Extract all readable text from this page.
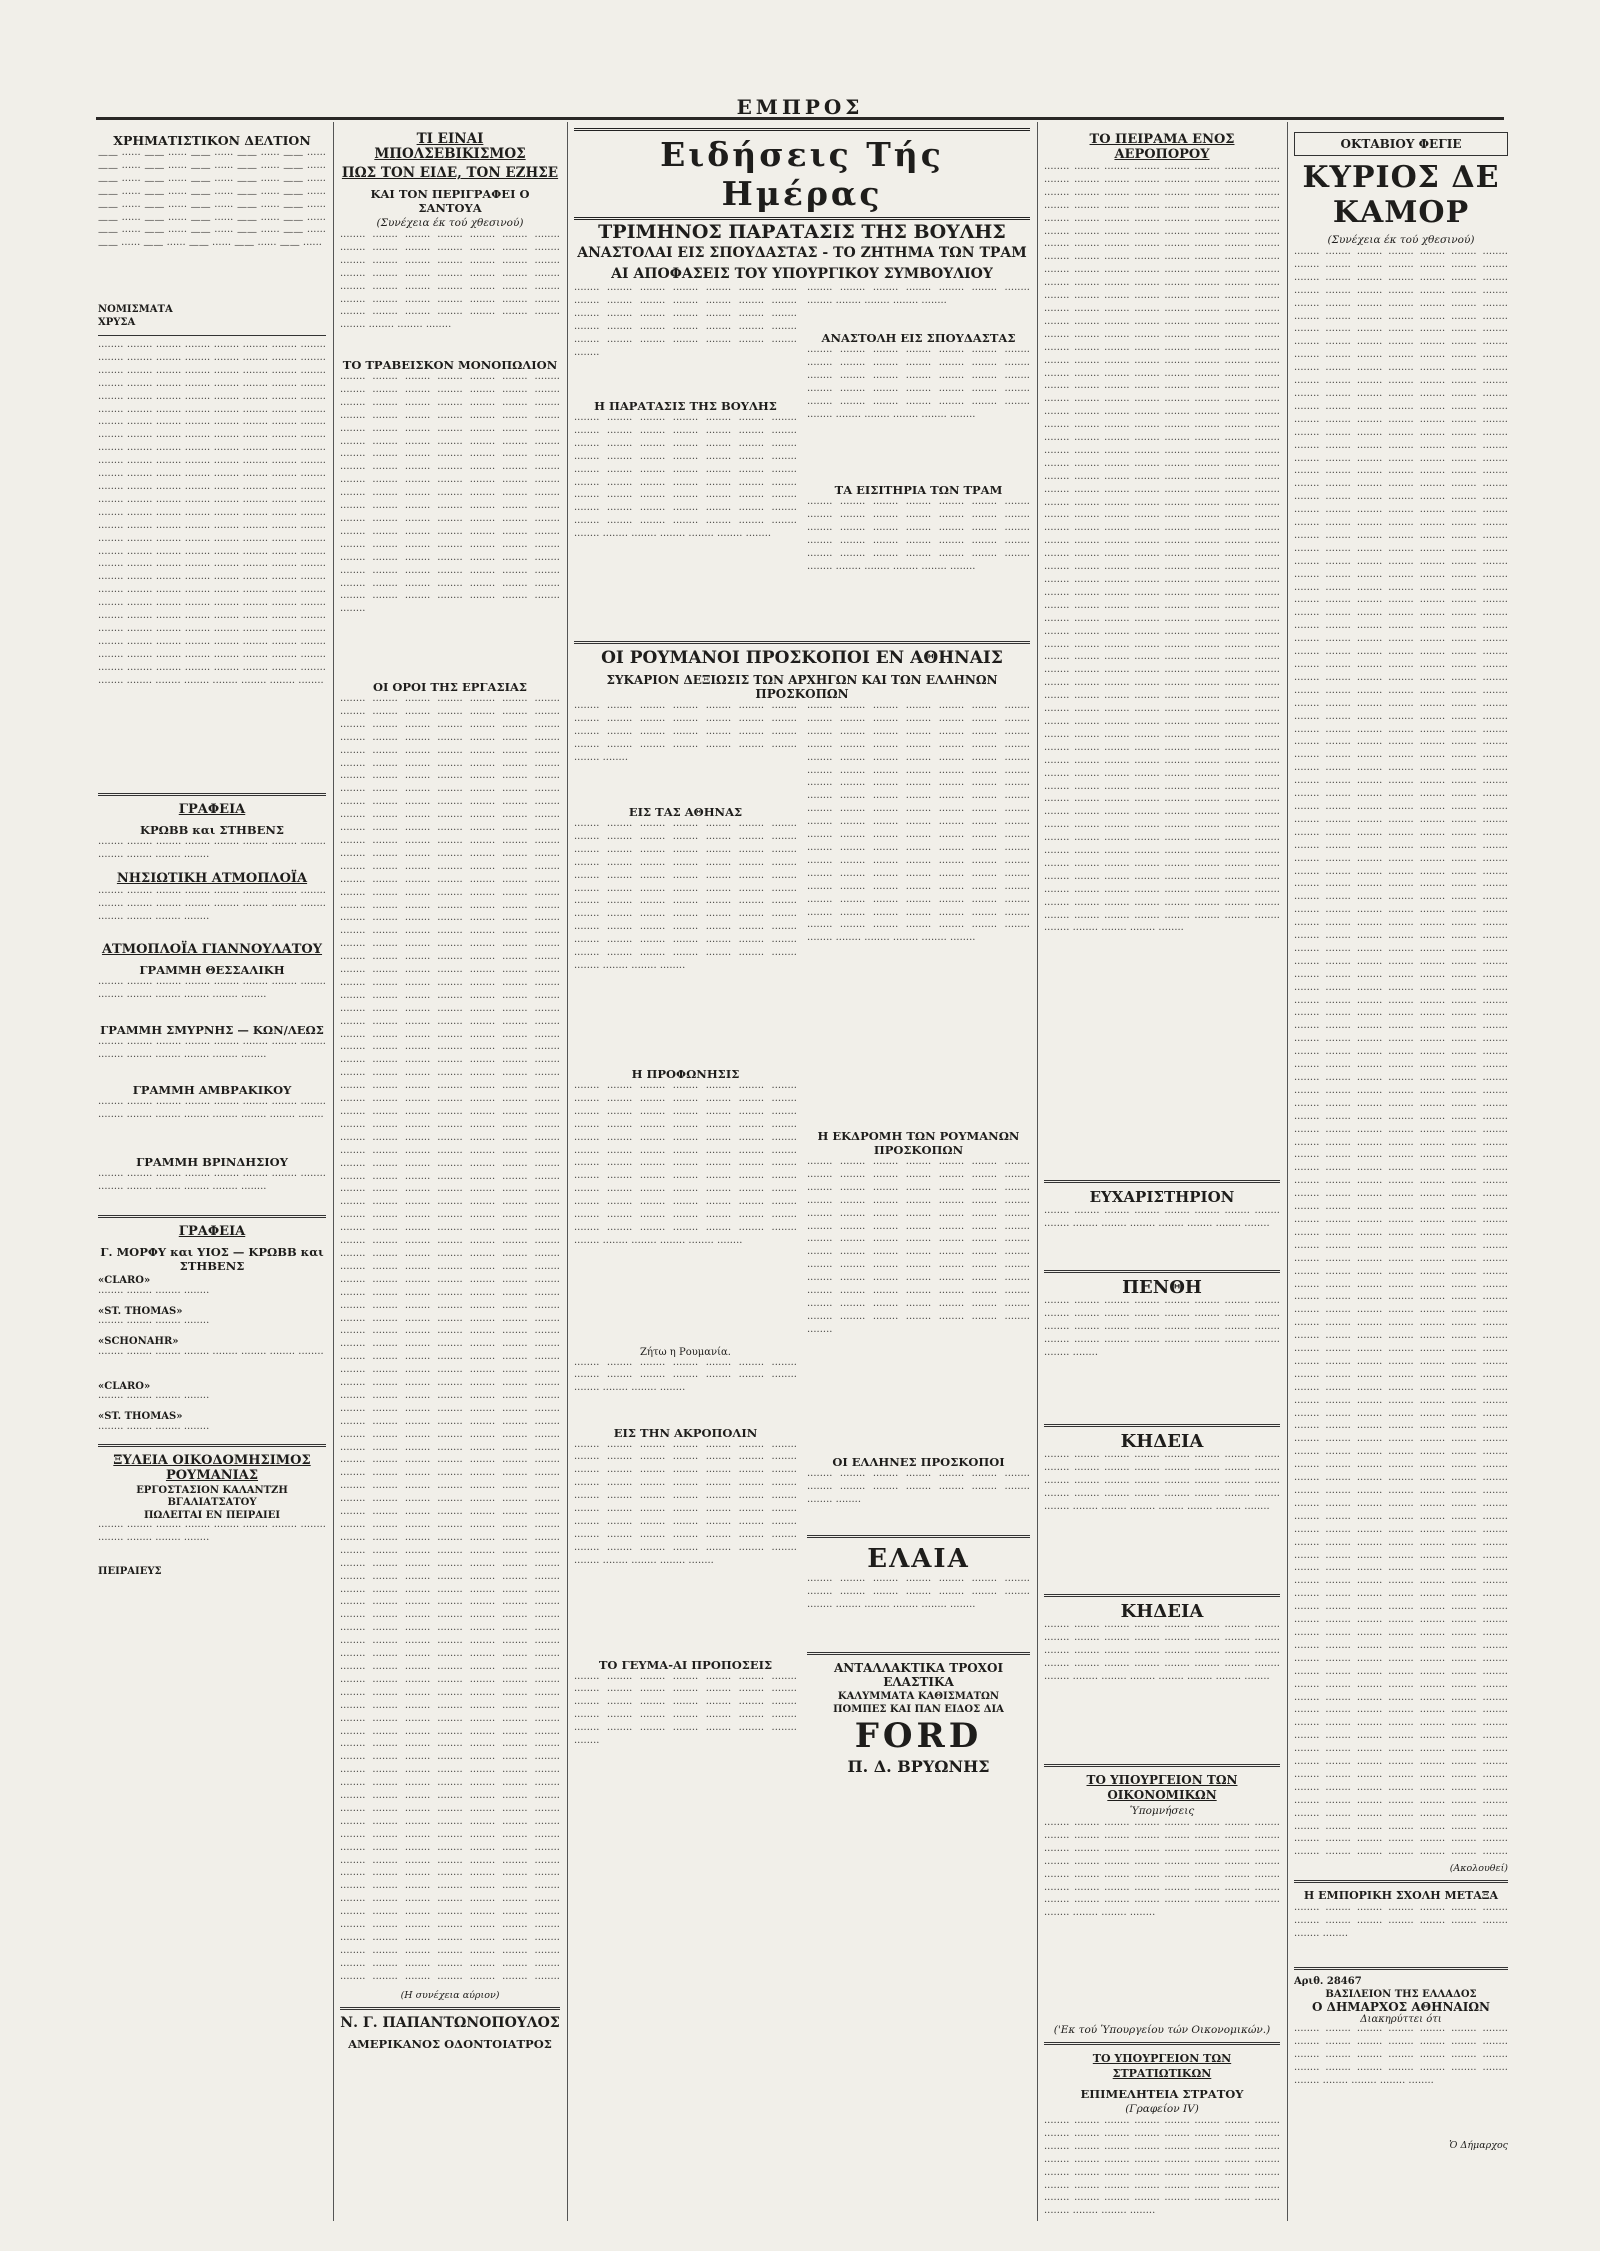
ΕΜΠΡΟΣ
ΧΡΗΜΑΤΙΣΤΙΚΟΝ ΔΕΛΤΙΟΝ

—— ······ —— ······ —— ······ —— ······ —— ······ —— ······ —— ······ —— ······ —— ······ —— ······ —— ······ —— ······ —— ······ —— ······ —— ······ —— ······ —— ······ —— ······ —— ······ —— ······ —— ······ —— ······ —— ······ —— ······ —— ······ —— ······ —— ······ —— ······ —— ······ —— ······ —— ······ —— ······ —— ······ —— ······ —— ······ —— ······ —— ······ —— ······ —— ······ —— ······

ΝΟΜΙΣΜΑΤΑ
ΧΡΥΣΑ

········ ········ ········ ········ ········ ········ ········ ········ ········ ········ ········ ········ ········ ········ ········ ········ ········ ········ ········ ········ ········ ········ ········ ········ ········ ········ ········ ········ ········ ········ ········ ········ ········ ········ ········ ········ ········ ········ ········ ········ ········ ········ ········ ········ ········ ········ ········ ········ ········ ········ ········ ········ ········ ········ ········ ········ ········ ········ ········ ········ ········ ········ ········ ········ ········ ········ ········ ········ ········ ········ ········ ········ ········ ········ ········ ········ ········ ········ ········ ········ ········ ········ ········ ········ ········ ········ ········ ········ ········ ········ ········ ········ ········ ········ ········ ········ ········ ········ ········ ········ ········ ········ ········ ········ ········ ········ ········ ········ ········ ········ ········ ········ ········ ········ ········ ········ ········ ········ ········ ········ ········ ········ ········ ········ ········ ········ ········ ········ ········ ········ ········ ········ ········ ········ ········ ········ ········ ········ ········ ········ ········ ········ ········ ········ ········ ········ ········ ········ ········ ········ ········ ········ ········ ········ ········ ········ ········ ········ ········ ········ ········ ········ ········ ········ ········ ········ ········ ········ ········ ········ ········ ········ ········ ········ ········ ········ ········ ········ ········ ········ ········ ········ ········ ········ ········ ········ ········ ········ ········ ········ ········ ········ ········ ········ ········ ········ ········ ········ ········ ········ ········ ········ ········ ········ ········ ········ ········ ········ ········ ········ ········ ········ ········ ········ ········ ········

ΓΡΑΦΕΙΑ
ΚΡΩΒΒ και ΣΤΗΒΕΝΣ

········ ········ ········ ········ ········ ········ ········ ········ ········ ········ ········ ········

ΝΗΣΙΩΤΙΚΗ ΑΤΜΟΠΛΟΪΑ

········ ········ ········ ········ ········ ········ ········ ········ ········ ········ ········ ········ ········ ········ ········ ········ ········ ········ ········ ········

ΑΤΜΟΠΛΟΪΑ ΓΙΑΝΝΟΥΛΑΤΟΥ
ΓΡΑΜΜΗ ΘΕΣΣΑΛΙΚΗ

········ ········ ········ ········ ········ ········ ········ ········ ········ ········ ········ ········ ········ ········

ΓΡΑΜΜΗ ΣΜΥΡΝΗΣ — ΚΩΝ/ΛΕΩΣ

········ ········ ········ ········ ········ ········ ········ ········ ········ ········ ········ ········ ········ ········

ΓΡΑΜΜΗ ΑΜΒΡΑΚΙΚΟΥ

········ ········ ········ ········ ········ ········ ········ ········ ········ ········ ········ ········ ········ ········ ········ ········

ΓΡΑΜΜΗ ΒΡΙΝΔΗΣΙΟΥ

········ ········ ········ ········ ········ ········ ········ ········ ········ ········ ········ ········ ········ ········

ΓΡΑΦΕΙΑ
Γ. ΜΟΡΦΥ και ΥΙΟΣ — ΚΡΩΒΒ και ΣΤΗΒΕΝΣ
«CLARO»

········ ········ ········ ········

«ST. THOMAS»

········ ········ ········ ········

«SCHONAHR»

········ ········ ········ ········ ········ ········ ········ ········

«CLARO»

········ ········ ········ ········

«ST. THOMAS»

········ ········ ········ ········

ΞΥΛΕΙΑ ΟΙΚΟΔΟΜΗΣΙΜΟΣ ΡΟΥΜΑΝΙΑΣ
ΕΡΓΟΣΤΑΣΙΟΝ ΚΑΛΑΝΤΖΗ ΒΓΑΛΙΑΤΣΑΤΟΥ
ΠΩΛΕΙΤΑΙ ΕΝ ΠΕΙΡΑΙΕΙ

········ ········ ········ ········ ········ ········ ········ ········ ········ ········ ········ ········

ΠΕΙΡΑΙΕΥΣ
ΤΙ ΕΙΝΑΙ ΜΠΟΛΣΕΒΙΚΙΣΜΟΣ
ΠΩΣ ΤΟΝ ΕΙΔΕ, ΤΟΝ ΕΖΗΣΕ
ΚΑΙ ΤΟΝ ΠΕΡΙΓΡΑΦΕΙ Ο ΣΑΝΤΟΥΑ
(Συνέχεια έκ τού χθεσινού)

········ ········ ········ ········ ········ ········ ········ ········ ········ ········ ········ ········ ········ ········ ········ ········ ········ ········ ········ ········ ········ ········ ········ ········ ········ ········ ········ ········ ········ ········ ········ ········ ········ ········ ········ ········ ········ ········ ········ ········ ········ ········ ········ ········ ········ ········ ········ ········ ········ ········ ········ ········ ········

ΤΟ ΤΡΑΒΕΙΣΚΟΝ ΜΟΝΟΠΩΛΙΟΝ

········ ········ ········ ········ ········ ········ ········ ········ ········ ········ ········ ········ ········ ········ ········ ········ ········ ········ ········ ········ ········ ········ ········ ········ ········ ········ ········ ········ ········ ········ ········ ········ ········ ········ ········ ········ ········ ········ ········ ········ ········ ········ ········ ········ ········ ········ ········ ········ ········ ········ ········ ········ ········ ········ ········ ········ ········ ········ ········ ········ ········ ········ ········ ········ ········ ········ ········ ········ ········ ········ ········ ········ ········ ········ ········ ········ ········ ········ ········ ········ ········ ········ ········ ········ ········ ········ ········ ········ ········ ········ ········ ········ ········ ········ ········ ········ ········ ········ ········ ········ ········ ········ ········ ········ ········ ········ ········ ········ ········ ········ ········ ········ ········ ········ ········ ········ ········ ········ ········ ········ ········ ········ ········ ········ ········ ········ ········

ΟΙ ΟΡΟΙ ΤΗΣ ΕΡΓΑΣΙΑΣ

········ ········ ········ ········ ········ ········ ········ ········ ········ ········ ········ ········ ········ ········ ········ ········ ········ ········ ········ ········ ········ ········ ········ ········ ········ ········ ········ ········ ········ ········ ········ ········ ········ ········ ········ ········ ········ ········ ········ ········ ········ ········ ········ ········ ········ ········ ········ ········ ········ ········ ········ ········ ········ ········ ········ ········ ········ ········ ········ ········ ········ ········ ········ ········ ········ ········ ········ ········ ········ ········ ········ ········ ········ ········ ········ ········ ········ ········ ········ ········ ········ ········ ········ ········ ········ ········ ········ ········ ········ ········ ········ ········ ········ ········ ········ ········ ········ ········ ········ ········ ········ ········ ········ ········ ········ ········ ········ ········ ········ ········ ········ ········ ········ ········ ········ ········ ········ ········ ········ ········ ········ ········ ········ ········ ········ ········ ········ ········ ········ ········ ········ ········ ········ ········ ········ ········ ········ ········ ········ ········ ········ ········ ········ ········ ········ ········ ········ ········ ········ ········ ········ ········ ········ ········ ········ ········ ········ ········ ········ ········ ········ ········ ········ ········ ········ ········ ········ ········ ········ ········ ········ ········ ········ ········ ········ ········ ········ ········ ········ ········ ········ ········ ········ ········ ········ ········ ········ ········ ········ ········ ········ ········ ········ ········ ········ ········ ········ ········ ········ ········ ········ ········ ········ ········ ········ ········ ········ ········ ········ ········ ········ ········ ········ ········ ········ ········ ········ ········ ········ ········ ········ ········ ········ ········ ········ ········ ········ ········ ········ ········ ········ ········ ········ ········ ········ ········ ········ ········ ········ ········ ········ ········ ········ ········ ········ ········ ········ ········ ········ ········ ········ ········ ········ ········ ········ ········ ········ ········ ········ ········ ········ ········ ········ ········ ········ ········ ········ ········ ········ ········ ········ ········ ········ ········ ········ ········ ········ ········ ········ ········ ········ ········ ········ ········ ········ ········ ········ ········ ········ ········ ········ ········ ········ ········ ········ ········ ········ ········ ········ ········ ········ ········ ········ ········ ········ ········ ········ ········ ········ ········ ········ ········ ········ ········ ········ ········ ········ ········ ········ ········ ········ ········ ········ ········ ········ ········ ········ ········ ········ ········ ········ ········ ········ ········ ········ ········ ········ ········ ········ ········ ········ ········ ········ ········ ········ ········ ········ ········ ········ ········ ········ ········ ········ ········ ········ ········ ········ ········ ········ ········ ········ ········ ········ ········ ········ ········ ········ ········ ········ ········ ········ ········ ········ ········ ········ ········ ········ ········ ········ ········ ········ ········ ········ ········ ········ ········ ········ ········ ········ ········ ········ ········ ········ ········ ········ ········ ········ ········ ········ ········ ········ ········ ········ ········ ········ ········ ········ ········ ········ ········ ········ ········ ········ ········ ········ ········ ········ ········ ········ ········ ········ ········ ········ ········ ········ ········ ········ ········ ········ ········ ········ ········ ········ ········ ········ ········ ········ ········ ········ ········ ········ ········ ········ ········ ········ ········ ········ ········ ········ ········ ········ ········ ········ ········ ········ ········ ········ ········ ········ ········ ········ ········ ········ ········ ········ ········ ········ ········ ········ ········ ········ ········ ········ ········ ········ ········ ········ ········ ········ ········ ········ ········ ········ ········ ········ ········ ········ ········ ········ ········ ········ ········ ········ ········ ········ ········ ········ ········ ········ ········ ········ ········ ········ ········ ········ ········ ········ ········ ········ ········ ········ ········ ········ ········ ········ ········ ········ ········ ········ ········ ········ ········ ········ ········ ········ ········ ········ ········ ········ ········ ········ ········ ········ ········ ········ ········ ········ ········ ········ ········ ········ ········ ········ ········ ········ ········ ········ ········ ········ ········ ········ ········ ········ ········ ········ ········ ········ ········ ········ ········ ········ ········ ········ ········ ········ ········ ········ ········ ········ ········ ········ ········ ········ ········ ········ ········ ········ ········ ········ ········ ········ ········ ········ ········ ········ ········ ········ ········ ········ ········ ········ ········ ········ ········ ········ ········ ········ ········ ········ ········ ········ ········ ········ ········ ········ ········ ········ ········ ········ ········ ········ ········ ········ ········ ········ ········ ········ ········ ········ ········ ········ ········ ········ ········ ········ ········ ········ ········ ········ ········ ········ ········ ········ ········ ········ ········ ········ ········ ········ ········ ········ ········ ········ ········ ········ ········ ········ ········ ········ ········ ········ ········ ········ ········ ········ ········ ········ ········ ········ ········ ········ ········ ········ ········ ········ ········ ········ ········ ········ ········ ········ ········ ········ ········ ········ ········ ········ ········ ········ ········ ········ ········ ········ ········ ········ ········ ········ ········ ········ ········ ········ ········ ········ ········ ········ ········ ········ ········ ········ ········

(Η συνέχεια αύριον)
Ν. Γ. ΠΑΠΑΝΤΩΝΟΠΟΥΛΟΣ
ΑΜΕΡΙΚΑΝΟΣ ΟΔΟΝΤΟΙΑΤΡΟΣ
Ειδήσεις Τής Ημέρας
ΤΡΙΜΗΝΟΣ ΠΑΡΑΤΑΣΙΣ ΤΗΣ ΒΟΥΛΗΣ
ΑΝΑΣΤΟΛΑΙ ΕΙΣ ΣΠΟΥΔΑΣΤΑΣ - ΤΟ ΖΗΤΗΜΑ ΤΩΝ ΤΡΑΜ
ΑΙ ΑΠΟΦΑΣΕΙΣ ΤΟΥ ΥΠΟΥΡΓΙΚΟΥ ΣΥΜΒΟΥΛΙΟΥ

········ ········ ········ ········ ········ ········ ········ ········ ········ ········ ········ ········ ········ ········ ········ ········ ········ ········ ········ ········ ········ ········ ········ ········ ········ ········ ········ ········ ········ ········ ········ ········ ········ ········ ········ ········

Η ΠΑΡΑΤΑΣΙΣ ΤΗΣ ΒΟΥΛΗΣ

········ ········ ········ ········ ········ ········ ········ ········ ········ ········ ········ ········ ········ ········ ········ ········ ········ ········ ········ ········ ········ ········ ········ ········ ········ ········ ········ ········ ········ ········ ········ ········ ········ ········ ········ ········ ········ ········ ········ ········ ········ ········ ········ ········ ········ ········ ········ ········ ········ ········ ········ ········ ········ ········ ········ ········ ········ ········ ········ ········ ········ ········ ········ ········ ········ ········ ········ ········ ········ ········

········ ········ ········ ········ ········ ········ ········ ········ ········ ········ ········ ········

ΑΝΑΣΤΟΛΗ ΕΙΣ ΣΠΟΥΔΑΣΤΑΣ

········ ········ ········ ········ ········ ········ ········ ········ ········ ········ ········ ········ ········ ········ ········ ········ ········ ········ ········ ········ ········ ········ ········ ········ ········ ········ ········ ········ ········ ········ ········ ········ ········ ········ ········ ········ ········ ········ ········ ········ ········

ΤΑ ΕΙΣΙΤΗΡΙΑ ΤΩΝ ΤΡΑΜ

········ ········ ········ ········ ········ ········ ········ ········ ········ ········ ········ ········ ········ ········ ········ ········ ········ ········ ········ ········ ········ ········ ········ ········ ········ ········ ········ ········ ········ ········ ········ ········ ········ ········ ········ ········ ········ ········ ········ ········ ········

ΟΙ ΡΟΥΜΑΝΟΙ ΠΡΟΣΚΟΠΟΙ ΕΝ ΑΘΗΝΑΙΣ
ΣΥΚΑΡΙΟΝ ΔΕΞΙΩΣΙΣ ΤΩΝ ΑΡΧΗΓΩΝ ΚΑΙ ΤΩΝ ΕΛΛΗΝΩΝ ΠΡΟΣΚΟΠΩΝ

········ ········ ········ ········ ········ ········ ········ ········ ········ ········ ········ ········ ········ ········ ········ ········ ········ ········ ········ ········ ········ ········ ········ ········ ········ ········ ········ ········ ········ ········

ΕΙΣ ΤΑΣ ΑΘΗΝΑΣ

········ ········ ········ ········ ········ ········ ········ ········ ········ ········ ········ ········ ········ ········ ········ ········ ········ ········ ········ ········ ········ ········ ········ ········ ········ ········ ········ ········ ········ ········ ········ ········ ········ ········ ········ ········ ········ ········ ········ ········ ········ ········ ········ ········ ········ ········ ········ ········ ········ ········ ········ ········ ········ ········ ········ ········ ········ ········ ········ ········ ········ ········ ········ ········ ········ ········ ········ ········ ········ ········ ········ ········ ········ ········ ········ ········ ········ ········ ········ ········ ········

Η ΠΡΟΦΩΝΗΣΙΣ

········ ········ ········ ········ ········ ········ ········ ········ ········ ········ ········ ········ ········ ········ ········ ········ ········ ········ ········ ········ ········ ········ ········ ········ ········ ········ ········ ········ ········ ········ ········ ········ ········ ········ ········ ········ ········ ········ ········ ········ ········ ········ ········ ········ ········ ········ ········ ········ ········ ········ ········ ········ ········ ········ ········ ········ ········ ········ ········ ········ ········ ········ ········ ········ ········ ········ ········ ········ ········ ········ ········ ········ ········ ········ ········ ········ ········ ········ ········ ········ ········ ········ ········ ········ ········ ········ ········ ········ ········ ········

Ζήτω η Ρουμανία.

········ ········ ········ ········ ········ ········ ········ ········ ········ ········ ········ ········ ········ ········ ········ ········ ········ ········

ΕΙΣ ΤΗΝ ΑΚΡΟΠΟΛΙΝ

········ ········ ········ ········ ········ ········ ········ ········ ········ ········ ········ ········ ········ ········ ········ ········ ········ ········ ········ ········ ········ ········ ········ ········ ········ ········ ········ ········ ········ ········ ········ ········ ········ ········ ········ ········ ········ ········ ········ ········ ········ ········ ········ ········ ········ ········ ········ ········ ········ ········ ········ ········ ········ ········ ········ ········ ········ ········ ········ ········ ········ ········ ········ ········ ········ ········ ········ ········

ΤΟ ΓΕΥΜΑ-ΑΙ ΠΡΟΠΟΣΕΙΣ

········ ········ ········ ········ ········ ········ ········ ········ ········ ········ ········ ········ ········ ········ ········ ········ ········ ········ ········ ········ ········ ········ ········ ········ ········ ········ ········ ········ ········ ········ ········ ········ ········ ········ ········ ········

········ ········ ········ ········ ········ ········ ········ ········ ········ ········ ········ ········ ········ ········ ········ ········ ········ ········ ········ ········ ········ ········ ········ ········ ········ ········ ········ ········ ········ ········ ········ ········ ········ ········ ········ ········ ········ ········ ········ ········ ········ ········ ········ ········ ········ ········ ········ ········ ········ ········ ········ ········ ········ ········ ········ ········ ········ ········ ········ ········ ········ ········ ········ ········ ········ ········ ········ ········ ········ ········ ········ ········ ········ ········ ········ ········ ········ ········ ········ ········ ········ ········ ········ ········ ········ ········ ········ ········ ········ ········ ········ ········ ········ ········ ········ ········ ········ ········ ········ ········ ········ ········ ········ ········ ········ ········ ········ ········ ········ ········ ········ ········ ········ ········ ········ ········ ········ ········ ········ ········ ········ ········ ········ ········ ········ ········ ········ ········ ········ ········ ········ ········

Η ΕΚΔΡΟΜΗ ΤΩΝ ΡΟΥΜΑΝΩΝ ΠΡΟΣΚΟΠΩΝ

········ ········ ········ ········ ········ ········ ········ ········ ········ ········ ········ ········ ········ ········ ········ ········ ········ ········ ········ ········ ········ ········ ········ ········ ········ ········ ········ ········ ········ ········ ········ ········ ········ ········ ········ ········ ········ ········ ········ ········ ········ ········ ········ ········ ········ ········ ········ ········ ········ ········ ········ ········ ········ ········ ········ ········ ········ ········ ········ ········ ········ ········ ········ ········ ········ ········ ········ ········ ········ ········ ········ ········ ········ ········ ········ ········ ········ ········ ········ ········ ········ ········ ········ ········ ········ ········ ········ ········ ········ ········ ········ ········

ΟΙ ΕΛΛΗΝΕΣ ΠΡΟΣΚΟΠΟΙ

········ ········ ········ ········ ········ ········ ········ ········ ········ ········ ········ ········ ········ ········ ········ ········

ΕΛΑΙΑ

········ ········ ········ ········ ········ ········ ········ ········ ········ ········ ········ ········ ········ ········ ········ ········ ········ ········ ········ ········

ΑΝΤΑΛΛΑΚΤΙΚΑ ΤΡΟΧΟΙ ΕΛΑΣΤΙΚΑ
ΚΑΛΥΜΜΑΤΑ ΚΑΘΙΣΜΑΤΩΝ
ΠΟΜΠΕΣ ΚΑΙ ΠΑΝ ΕΙΔΟΣ ΔΙΑ
FORD
Π. Δ. ΒΡΥΩΝΗΣ
ΤΟ ΠΕΙΡΑΜΑ ΕΝΟΣ ΑΕΡΟΠΟΡΟΥ

········ ········ ········ ········ ········ ········ ········ ········ ········ ········ ········ ········ ········ ········ ········ ········ ········ ········ ········ ········ ········ ········ ········ ········ ········ ········ ········ ········ ········ ········ ········ ········ ········ ········ ········ ········ ········ ········ ········ ········ ········ ········ ········ ········ ········ ········ ········ ········ ········ ········ ········ ········ ········ ········ ········ ········ ········ ········ ········ ········ ········ ········ ········ ········ ········ ········ ········ ········ ········ ········ ········ ········ ········ ········ ········ ········ ········ ········ ········ ········ ········ ········ ········ ········ ········ ········ ········ ········ ········ ········ ········ ········ ········ ········ ········ ········ ········ ········ ········ ········ ········ ········ ········ ········ ········ ········ ········ ········ ········ ········ ········ ········ ········ ········ ········ ········ ········ ········ ········ ········ ········ ········ ········ ········ ········ ········ ········ ········ ········ ········ ········ ········ ········ ········ ········ ········ ········ ········ ········ ········ ········ ········ ········ ········ ········ ········ ········ ········ ········ ········ ········ ········ ········ ········ ········ ········ ········ ········ ········ ········ ········ ········ ········ ········ ········ ········ ········ ········ ········ ········ ········ ········ ········ ········ ········ ········ ········ ········ ········ ········ ········ ········ ········ ········ ········ ········ ········ ········ ········ ········ ········ ········ ········ ········ ········ ········ ········ ········ ········ ········ ········ ········ ········ ········ ········ ········ ········ ········ ········ ········ ········ ········ ········ ········ ········ ········ ········ ········ ········ ········ ········ ········ ········ ········ ········ ········ ········ ········ ········ ········ ········ ········ ········ ········ ········ ········ ········ ········ ········ ········ ········ ········ ········ ········ ········ ········ ········ ········ ········ ········ ········ ········ ········ ········ ········ ········ ········ ········ ········ ········ ········ ········ ········ ········ ········ ········ ········ ········ ········ ········ ········ ········ ········ ········ ········ ········ ········ ········ ········ ········ ········ ········ ········ ········ ········ ········ ········ ········ ········ ········ ········ ········ ········ ········ ········ ········ ········ ········ ········ ········ ········ ········ ········ ········ ········ ········ ········ ········ ········ ········ ········ ········ ········ ········ ········ ········ ········ ········ ········ ········ ········ ········ ········ ········ ········ ········ ········ ········ ········ ········ ········ ········ ········ ········ ········ ········ ········ ········ ········ ········ ········ ········ ········ ········ ········ ········ ········ ········ ········ ········ ········ ········ ········ ········ ········ ········ ········ ········ ········ ········ ········ ········ ········ ········ ········ ········ ········ ········ ········ ········ ········ ········ ········ ········ ········ ········ ········ ········ ········ ········ ········ ········ ········ ········ ········ ········ ········ ········ ········ ········ ········ ········ ········ ········ ········ ········ ········ ········ ········ ········ ········ ········ ········ ········ ········ ········ ········ ········ ········ ········ ········ ········ ········ ········ ········ ········ ········ ········ ········ ········ ········ ········ ········ ········ ········ ········ ········ ········ ········ ········ ········ ········ ········ ········ ········ ········ ········ ········ ········ ········ ········ ········ ········ ········ ········ ········ ········ ········ ········ ········ ········ ········ ········ ········ ········ ········ ········ ········ ········ ········ ········ ········ ········ ········ ········ ········ ········ ········ ········ ········ ········ ········ ········ ········ ········ ········ ········

ΕΥΧΑΡΙΣΤΗΡΙΟΝ

········ ········ ········ ········ ········ ········ ········ ········ ········ ········ ········ ········ ········ ········ ········ ········

ΠΕΝΘΗ

········ ········ ········ ········ ········ ········ ········ ········ ········ ········ ········ ········ ········ ········ ········ ········ ········ ········ ········ ········ ········ ········ ········ ········ ········ ········ ········ ········ ········ ········ ········ ········ ········ ········

ΚΗΔΕΙΑ

········ ········ ········ ········ ········ ········ ········ ········ ········ ········ ········ ········ ········ ········ ········ ········ ········ ········ ········ ········ ········ ········ ········ ········ ········ ········ ········ ········ ········ ········ ········ ········ ········ ········ ········ ········ ········ ········ ········ ········

ΚΗΔΕΙΑ

········ ········ ········ ········ ········ ········ ········ ········ ········ ········ ········ ········ ········ ········ ········ ········ ········ ········ ········ ········ ········ ········ ········ ········ ········ ········ ········ ········ ········ ········ ········ ········ ········ ········ ········ ········ ········ ········ ········ ········

ΤΟ ΥΠΟΥΡΓΕΙΟΝ ΤΩΝ ΟΙΚΟΝΟΜΙΚΩΝ
Ὑπομνήσεις

········ ········ ········ ········ ········ ········ ········ ········ ········ ········ ········ ········ ········ ········ ········ ········ ········ ········ ········ ········ ········ ········ ········ ········ ········ ········ ········ ········ ········ ········ ········ ········ ········ ········ ········ ········ ········ ········ ········ ········ ········ ········ ········ ········ ········ ········ ········ ········ ········ ········ ········ ········ ········ ········ ········ ········ ········ ········ ········ ········

('Εκ τού Ὑπουργείου τών Οικονομικών.)
ΤΟ ΥΠΟΥΡΓΕΙΟΝ ΤΩΝ ΣΤΡΑΤΙΩΤΙΚΩΝ
ΕΠΙΜΕΛΗΤΕΙΑ ΣΤΡΑΤΟΥ
(Γραφείον IV)

········ ········ ········ ········ ········ ········ ········ ········ ········ ········ ········ ········ ········ ········ ········ ········ ········ ········ ········ ········ ········ ········ ········ ········ ········ ········ ········ ········ ········ ········ ········ ········ ········ ········ ········ ········ ········ ········ ········ ········ ········ ········ ········ ········ ········ ········ ········ ········ ········ ········ ········ ········ ········ ········ ········ ········ ········ ········ ········ ········

ΟΚΤΑΒΙΟΥ ΦΕΓΙΕ
ΚΥΡΙΟΣ ΔΕ ΚΑΜΟΡ
(Συνέχεια έκ τού χθεσινού)

········ ········ ········ ········ ········ ········ ········ ········ ········ ········ ········ ········ ········ ········ ········ ········ ········ ········ ········ ········ ········ ········ ········ ········ ········ ········ ········ ········ ········ ········ ········ ········ ········ ········ ········ ········ ········ ········ ········ ········ ········ ········ ········ ········ ········ ········ ········ ········ ········ ········ ········ ········ ········ ········ ········ ········ ········ ········ ········ ········ ········ ········ ········ ········ ········ ········ ········ ········ ········ ········ ········ ········ ········ ········ ········ ········ ········ ········ ········ ········ ········ ········ ········ ········ ········ ········ ········ ········ ········ ········ ········ ········ ········ ········ ········ ········ ········ ········ ········ ········ ········ ········ ········ ········ ········ ········ ········ ········ ········ ········ ········ ········ ········ ········ ········ ········ ········ ········ ········ ········ ········ ········ ········ ········ ········ ········ ········ ········ ········ ········ ········ ········ ········ ········ ········ ········ ········ ········ ········ ········ ········ ········ ········ ········ ········ ········ ········ ········ ········ ········ ········ ········ ········ ········ ········ ········ ········ ········ ········ ········ ········ ········ ········ ········ ········ ········ ········ ········ ········ ········ ········ ········ ········ ········ ········ ········ ········ ········ ········ ········ ········ ········ ········ ········ ········ ········ ········ ········ ········ ········ ········ ········ ········ ········ ········ ········ ········ ········ ········ ········ ········ ········ ········ ········ ········ ········ ········ ········ ········ ········ ········ ········ ········ ········ ········ ········ ········ ········ ········ ········ ········ ········ ········ ········ ········ ········ ········ ········ ········ ········ ········ ········ ········ ········ ········ ········ ········ ········ ········ ········ ········ ········ ········ ········ ········ ········ ········ ········ ········ ········ ········ ········ ········ ········ ········ ········ ········ ········ ········ ········ ········ ········ ········ ········ ········ ········ ········ ········ ········ ········ ········ ········ ········ ········ ········ ········ ········ ········ ········ ········ ········ ········ ········ ········ ········ ········ ········ ········ ········ ········ ········ ········ ········ ········ ········ ········ ········ ········ ········ ········ ········ ········ ········ ········ ········ ········ ········ ········ ········ ········ ········ ········ ········ ········ ········ ········ ········ ········ ········ ········ ········ ········ ········ ········ ········ ········ ········ ········ ········ ········ ········ ········ ········ ········ ········ ········ ········ ········ ········ ········ ········ ········ ········ ········ ········ ········ ········ ········ ········ ········ ········ ········ ········ ········ ········ ········ ········ ········ ········ ········ ········ ········ ········ ········ ········ ········ ········ ········ ········ ········ ········ ········ ········ ········ ········ ········ ········ ········ ········ ········ ········ ········ ········ ········ ········ ········ ········ ········ ········ ········ ········ ········ ········ ········ ········ ········ ········ ········ ········ ········ ········ ········ ········ ········ ········ ········ ········ ········ ········ ········ ········ ········ ········ ········ ········ ········ ········ ········ ········ ········ ········ ········ ········ ········ ········ ········ ········ ········ ········ ········ ········ ········ ········ ········ ········ ········ ········ ········ ········ ········ ········ ········ ········ ········ ········ ········ ········ ········ ········ ········ ········ ········ ········ ········ ········ ········ ········ ········ ········ ········ ········ ········ ········ ········ ········ ········ ········ ········ ········ ········ ········ ········ ········ ········ ········ ········ ········ ········ ········ ········ ········ ········ ········ ········ ········ ········ ········ ········ ········ ········ ········ ········ ········ ········ ········ ········ ········ ········ ········ ········ ········ ········ ········ ········ ········ ········ ········ ········ ········ ········ ········ ········ ········ ········ ········ ········ ········ ········ ········ ········ ········ ········ ········ ········ ········ ········ ········ ········ ········ ········ ········ ········ ········ ········ ········ ········ ········ ········ ········ ········ ········ ········ ········ ········ ········ ········ ········ ········ ········ ········ ········ ········ ········ ········ ········ ········ ········ ········ ········ ········ ········ ········ ········ ········ ········ ········ ········ ········ ········ ········ ········ ········ ········ ········ ········ ········ ········ ········ ········ ········ ········ ········ ········ ········ ········ ········ ········ ········ ········ ········ ········ ········ ········ ········ ········ ········ ········ ········ ········ ········ ········ ········ ········ ········ ········ ········ ········ ········ ········ ········ ········ ········ ········ ········ ········ ········ ········ ········ ········ ········ ········ ········ ········ ········ ········ ········ ········ ········ ········ ········ ········ ········ ········ ········ ········ ········ ········ ········ ········ ········ ········ ········ ········ ········ ········ ········ ········ ········ ········ ········ ········ ········ ········ ········ ········ ········ ········ ········ ········ ········ ········ ········ ········ ········ ········ ········ ········ ········ ········ ········ ········ ········ ········ ········ ········ ········ ········ ········ ········ ········ ········ ········ ········ ········ ········ ········ ········ ········ ········ ········ ········ ········ ········ ········ ········ ········ ········ ········ ········ ········ ········ ········ ········ ········ ········ ········ ········ ········ ········ ········ ········ ········ ········ ········ ········ ········ ········ ········ ········ ········ ········ ········ ········ ········ ········ ········ ········ ········ ········ ········ ········ ········ ········ ········ ········ ········ ········ ········ ········ ········ ········ ········ ········ ········ ········ ········ ········ ········ ········ ········ ········ ········ ········ ········ ········ ········ ········ ········ ········ ········ ········ ········ ········ ········ ········ ········ ········ ········ ········ ········ ········ ········ ········ ········ ········ ········ ········ ········ ········ ········ ········ ········ ········ ········ ········ ········ ········ ········ ········ ········ ········ ········ ········ ········ ········ ········ ········ ········ ········ ········ ········ ········ ········ ········ ········ ········ ········ ········ ········ ········ ········ ········ ········ ········ ········ ········ ········ ········ ········ ········ ········ ········ ········ ········ ········ ········ ········ ········ ········ ········ ········ ········ ········ ········ ········ ········ ········ ········ ········ ········ ········ ········ ········ ········ ········ ········ ········ ········ ········ ········ ········ ········ ········ ········ ········ ········ ········ ········ ········ ········ ········ ········ ········ ········ ········ ········ ········ ········ ········ ········ ········ ········ ········ ········ ········

(Ακολουθεί)
Η ΕΜΠΟΡΙΚΗ ΣΧΟΛΗ ΜΕΤΑΞΑ

········ ········ ········ ········ ········ ········ ········ ········ ········ ········ ········ ········ ········ ········ ········ ········

Αριθ. 28467
ΒΑΣΙΛΕΙΟΝ ΤΗΣ ΕΛΛΑΔΟΣ
Ο ΔΗΜΑΡΧΟΣ ΑΘΗΝΑΙΩΝ
Διακηρύττει ότι

········ ········ ········ ········ ········ ········ ········ ········ ········ ········ ········ ········ ········ ········ ········ ········ ········ ········ ········ ········ ········ ········ ········ ········ ········ ········ ········ ········ ········ ········ ········ ········ ········

Ὁ Δήμαρχος
